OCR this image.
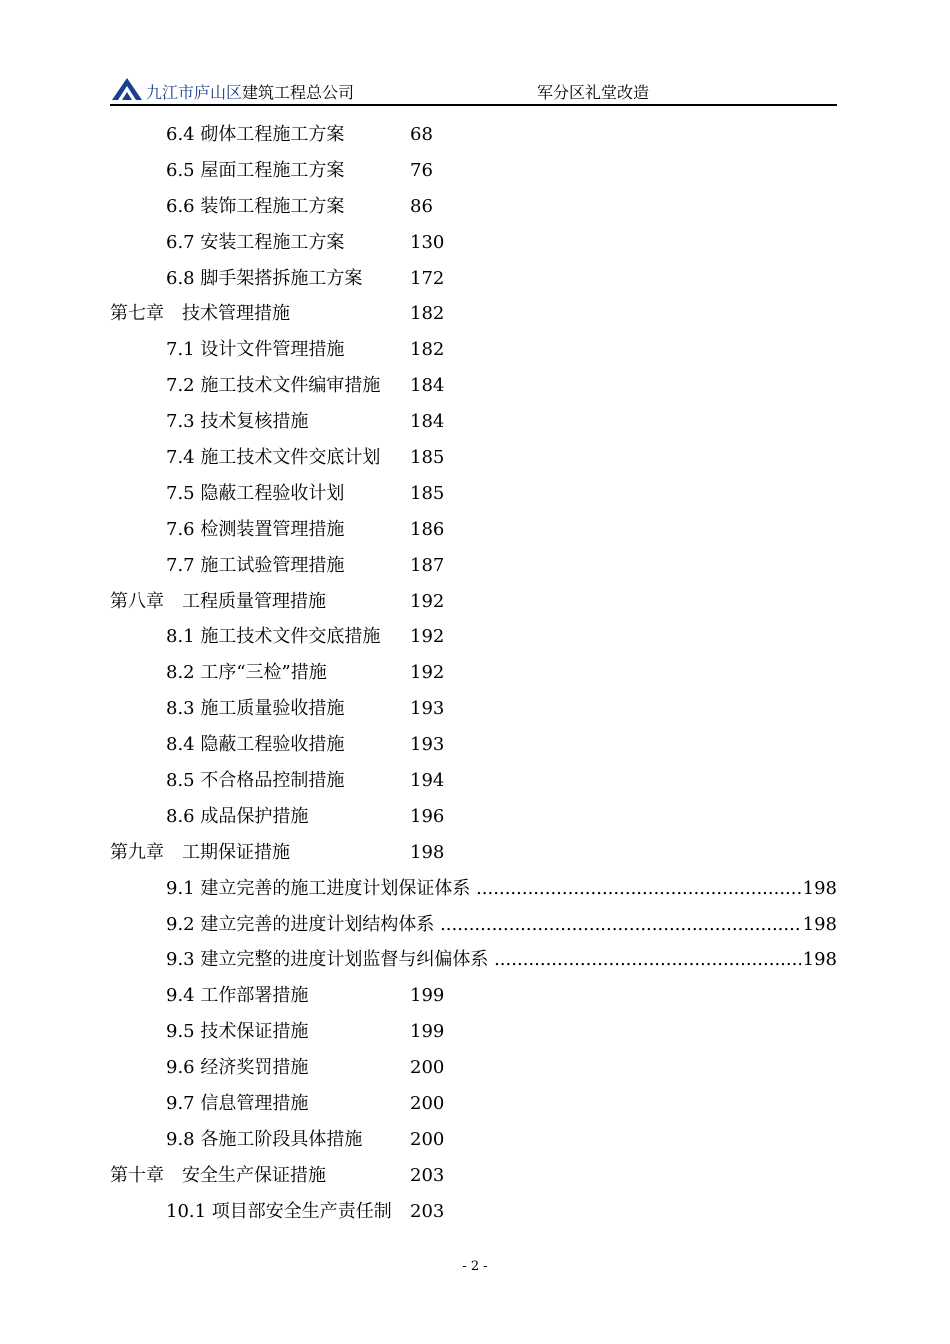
九江市庐山区建筑工程总公司	军分区礼堂改造
6.4 砌体工程施工方案	68
6.5 屋面工程施工方案	76
6.6 装饰工程施工方案	86
6.7 安装工程施工方案	130
6.8 脚手架搭拆施工方案	172
第七章　技术管理措施	182
7.1 设计文件管理措施	182
7.2 施工技术文件编审措施 184
7.3 技术复核措施	184
7.4 施工技术文件交底计划 185
7.5 隐蔽工程验收计划	185
7.6 检测装置管理措施	186
7.7 施工试验管理措施	187
第八章　工程质量管理措施	192
8.1 施工技术文件交底措施 192
8.2 工序“三检”措施	192
8.3 施工质量验收措施	193
8.4 隐蔽工程验收措施	193
8.5 不合格品控制措施	194
8.6 成品保护措施	196
第九章　工期保证措施	198
9.1 建立完善的施工进度计划保证体系 .....	198
9.2 建立完善的进度计划结构体系 .....	198
9.3 建立完整的进度计划监督与纠偏体系 .....	198
9.4 工作部署措施	199
9.5 技术保证措施	199
9.6 经济奖罚措施	200
9.7 信息管理措施	200
9.8 各施工阶段具体措施	200
第十章　安全生产保证措施	203
10.1 项目部安全生产责任制 203
- 2 -
